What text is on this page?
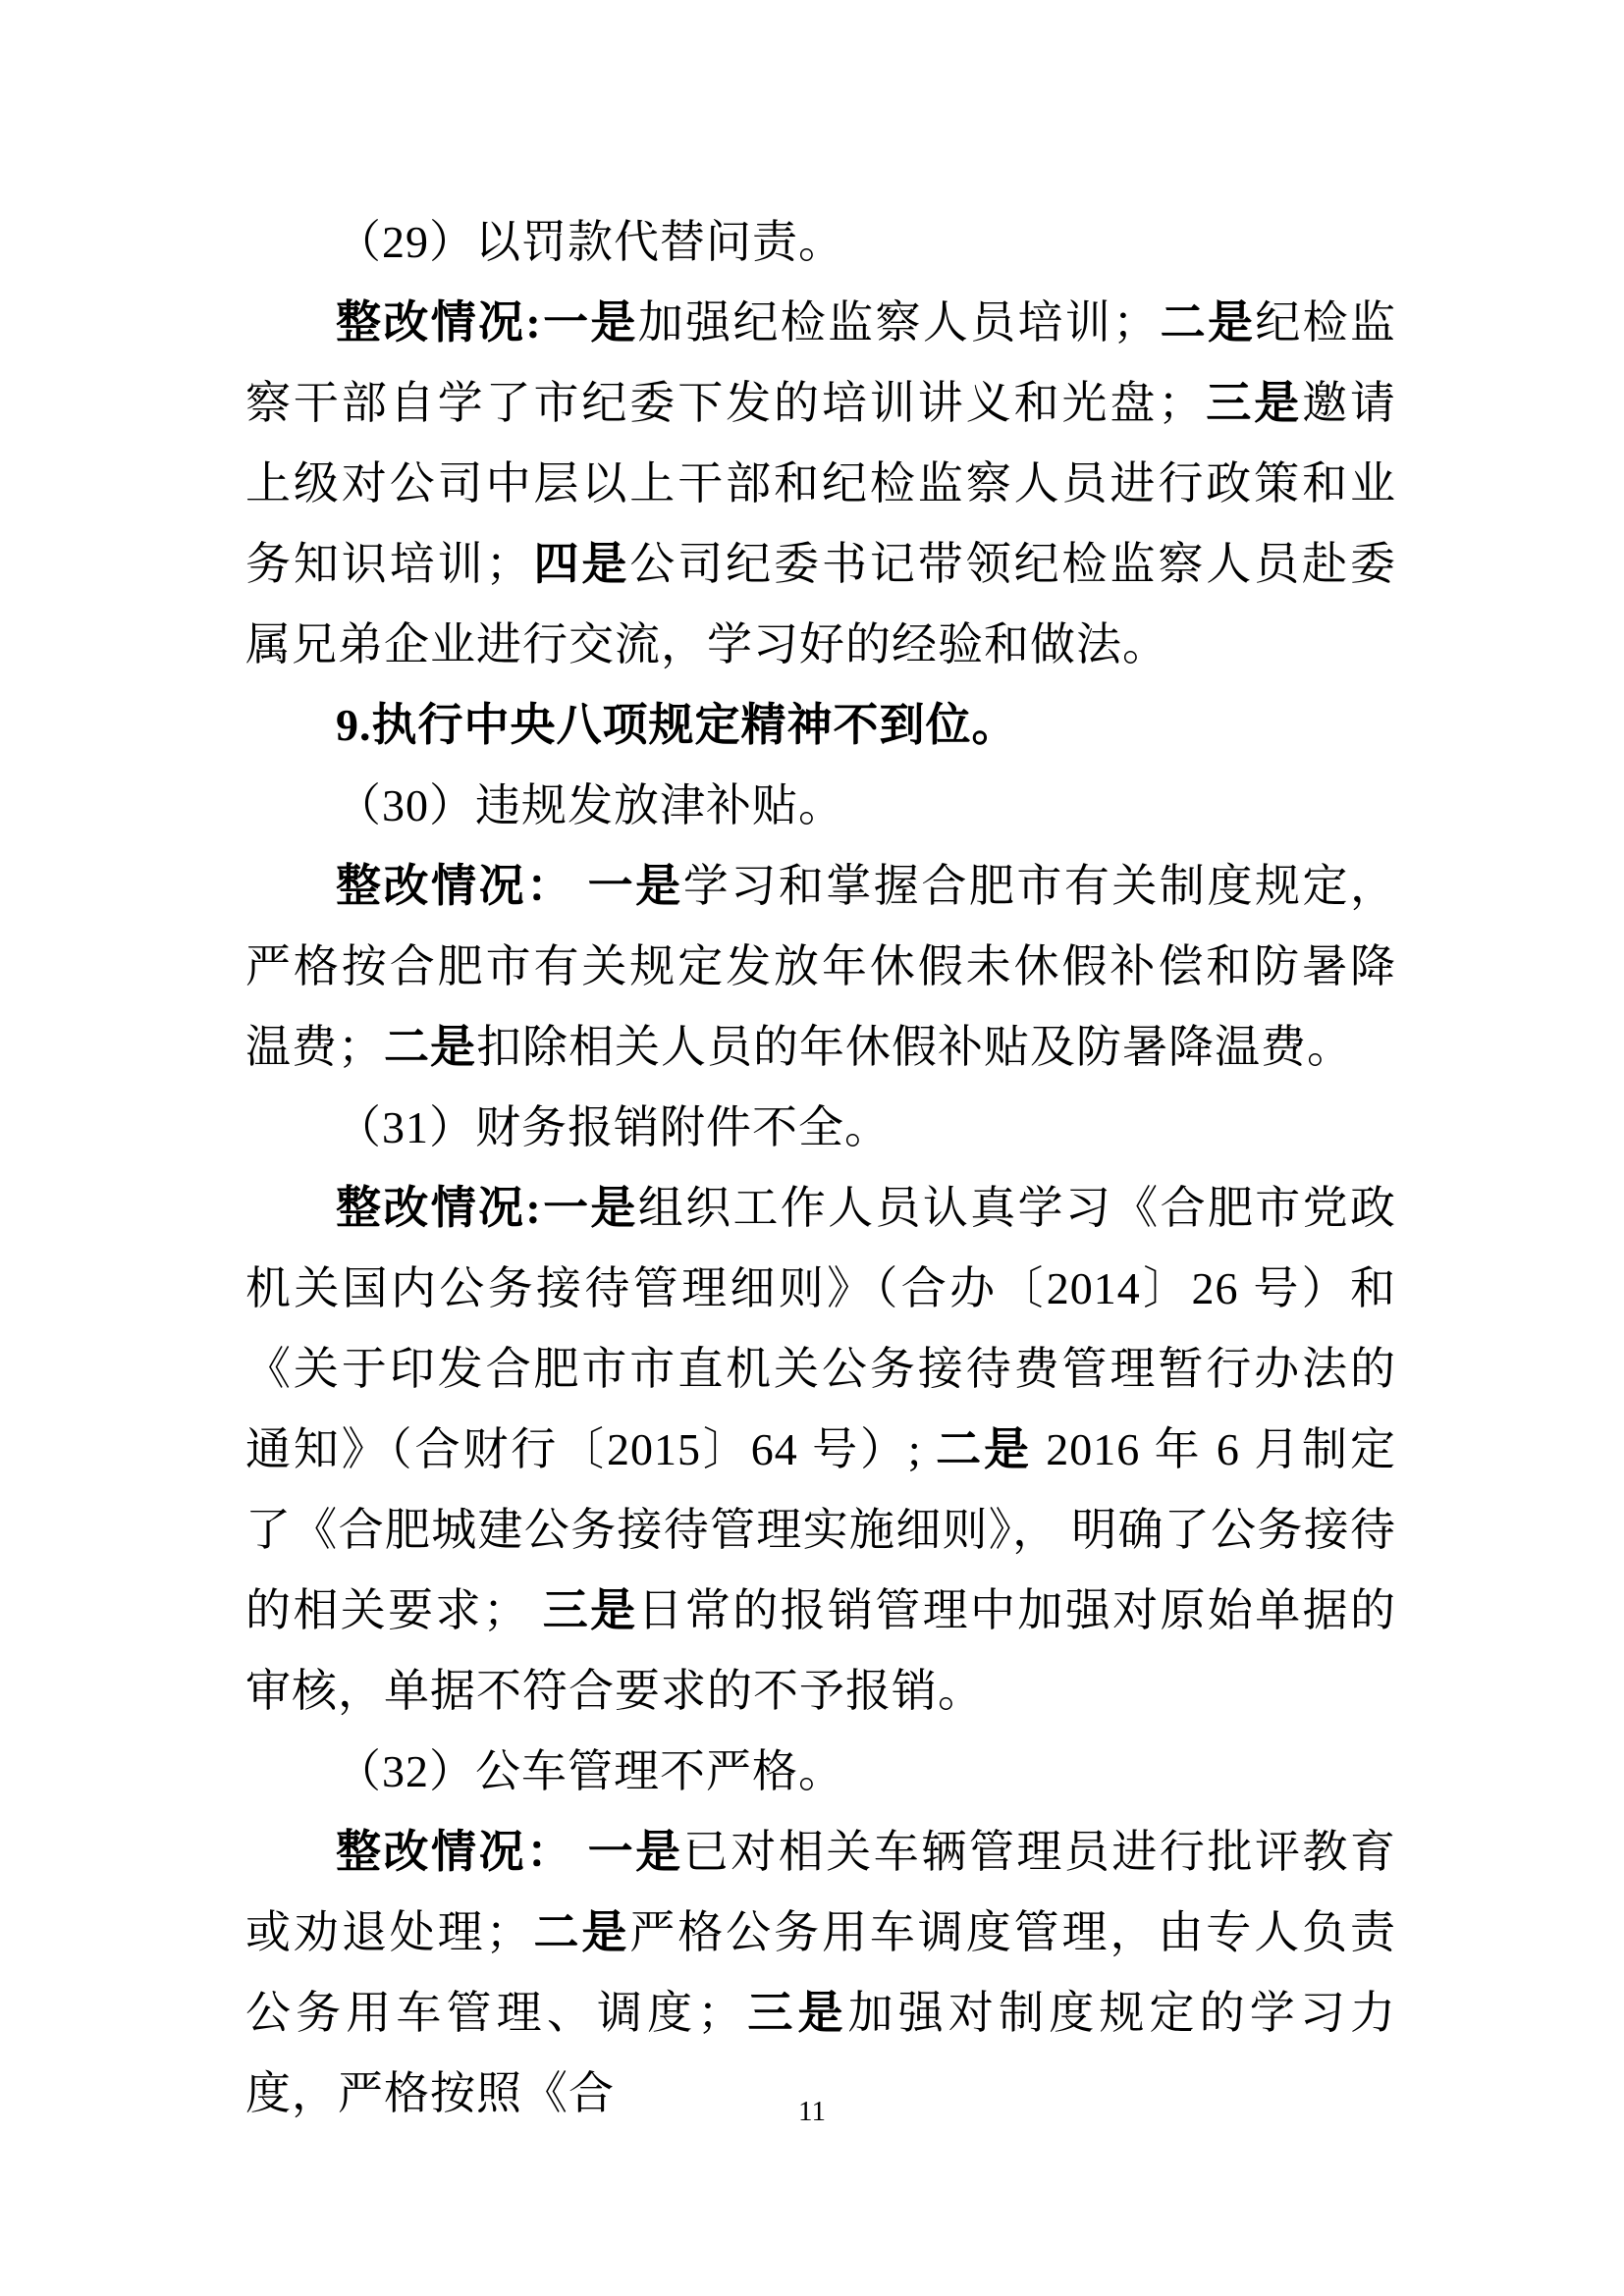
（29）以罚款代替问责。

整改情况:一是加强纪检监察人员培训；二是纪检监察干部自学了市纪委下发的培训讲义和光盘；三是邀请上级对公司中层以上干部和纪检监察人员进行政策和业务知识培训；四是公司纪委书记带领纪检监察人员赴委属兄弟企业进行交流，学习好的经验和做法。

9.执行中央八项规定精神不到位。

（30）违规发放津补贴。

整改情况： 一是学习和掌握合肥市有关制度规定，严格按合肥市有关规定发放年休假未休假补偿和防暑降温费；二是扣除相关人员的年休假补贴及防暑降温费。

（31）财务报销附件不全。

整改情况:一是组织工作人员认真学习《合肥市党政机关国内公务接待管理细则》（合办〔2014〕26 号）和《关于印发合肥市市直机关公务接待费管理暂行办法的通知》（合财行〔2015〕64 号）; 二是 2016 年 6 月制定了《合肥城建公务接待管理实施细则》， 明确了公务接待的相关要求； 三是日常的报销管理中加强对原始单据的审核，单据不符合要求的不予报销。

（32）公车管理不严格。

整改情况： 一是已对相关车辆管理员进行批评教育或劝退处理；二是严格公务用车调度管理，由专人负责公务用车管理、调度；三是加强对制度规定的学习力度，严格按照《合	11
